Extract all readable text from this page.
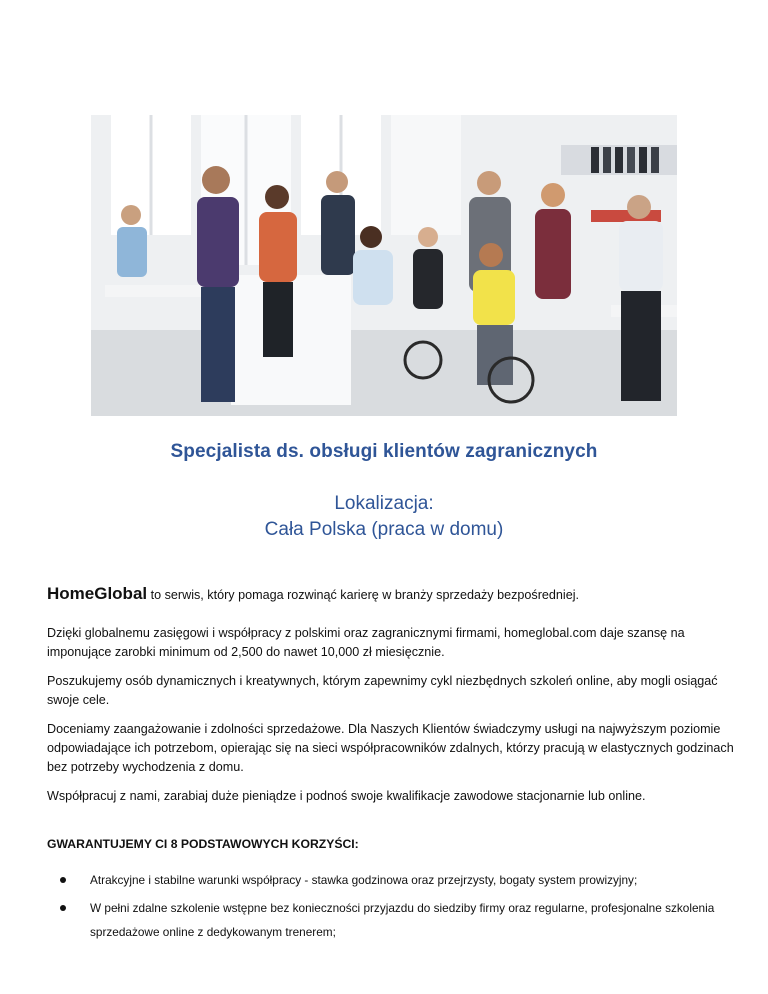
Specjalista ds. obsługi klientów zagranicznych
Lokalizacja:
Cała Polska (praca w domu)
HomeGlobal to serwis, który pomaga rozwinąć karierę w branży sprzedaży bezpośredniej.
Dzięki globalnemu zasięgowi i współpracy z polskimi oraz zagranicznymi firmami, homeglobal.com daje szansę na imponujące zarobki minimum od 2,500 do nawet 10,000 zł miesięcznie.
Poszukujemy osób dynamicznych i kreatywnych, którym zapewnimy cykl niezbędnych szkoleń online, aby mogli osiągać swoje cele.
Doceniamy zaangażowanie i zdolności sprzedażowe. Dla Naszych Klientów świadczymy usługi na najwyższym poziomie odpowiadające ich potrzebom, opierając się na sieci współpracowników zdalnych, którzy pracują w elastycznych godzinach bez potrzeby wychodzenia z domu.
Współpracuj z nami, zarabiaj duże pieniądze i podnoś swoje kwalifikacje zawodowe stacjonarnie lub online.
GWARANTUJEMY CI 8 PODSTAWOWYCH KORZYŚCI:
Atrakcyjne i stabilne warunki współpracy - stawka godzinowa oraz przejrzysty, bogaty system prowizyjny;
W pełni zdalne szkolenie wstępne bez konieczności przyjazdu do siedziby firmy oraz regularne, profesjonalne szkolenia sprzedażowe online z dedykowanym trenerem;
